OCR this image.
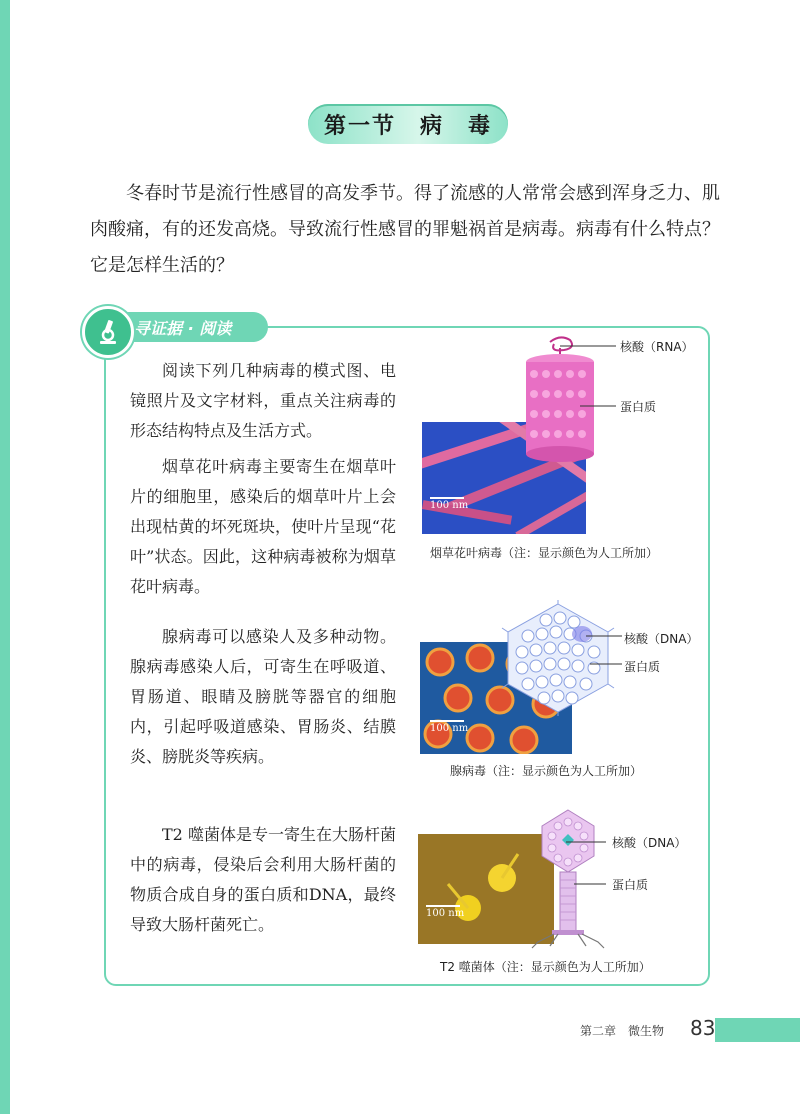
第一节　病　毒

冬春时节是流行性感冒的高发季节。得了流感的人常常会感到浑身乏力、肌肉酸痛，有的还发高烧。导致流行性感冒的罪魁祸首是病毒。病毒有什么特点？它是怎样生活的？

寻证据 · 阅读

阅读下列几种病毒的模式图、电镜照片及文字材料，重点关注病毒的形态结构特点及生活方式。

烟草花叶病毒主要寄生在烟草叶片的细胞里，感染后的烟草叶片上会出现枯黄的坏死斑块，使叶片呈现“花叶”状态。因此，这种病毒被称为烟草花叶病毒。

腺病毒可以感染人及多种动物。腺病毒感染人后，可寄生在呼吸道、胃肠道、眼睛及膀胱等器官的细胞内，引起呼吸道感染、胃肠炎、结膜炎、膀胱炎等疾病。

T2 噬菌体是专一寄生在大肠杆菌中的病毒，侵染后会利用大肠杆菌的物质合成自身的蛋白质和DNA，最终导致大肠杆菌死亡。

100 nm
核酸（RNA）
蛋白质
烟草花叶病毒（注：显示颜色为人工所加）
100 nm
核酸（DNA）
蛋白质
腺病毒（注：显示颜色为人工所加）
100 nm
核酸（DNA）
蛋白质
T2 噬菌体（注：显示颜色为人工所加）
第二章　微生物 83
